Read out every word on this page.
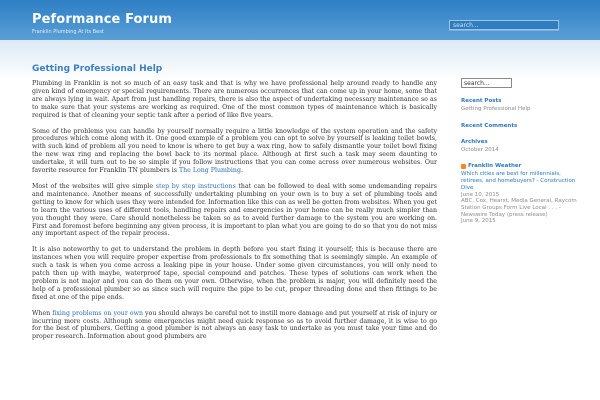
Peformance Forum
Franklin Plumbing At Its Best
search...
Getting Professional Help

Plumbing in Franklin is not so much of an easy task and that is why we have professional help around ready to handle any given kind of emergency or special requirements. There are numerous occurrences that can come up in your home, some that are always lying in wait. Apart from just handling repairs, there is also the aspect of undertaking necessary maintenance so as to make sure that your systems are working as required. One of the most common types of maintenance which is basically required is that of cleaning your septic tank after a period of like five years.

Some of the problems you can handle by yourself normally require a little knowledge of the system operation and the safety procedures which come along with it. One good example of a problem you can opt to solve by yourself is leaking toilet bowls, with such kind of problem all you need to know is where to get buy a wax ring, how to safely dismantle your toilet bowl fixing the new wax ring and replacing the bowl back to its normal place. Although at first such a task may seem daunting to undertake, it will turn out to be so simple if you follow instructions that you can come across over numerous websites. Our favorite resource for Franklin TN plumbers is The Long Plumbing.

Most of the websites will give simple step by step instructions that can be followed to deal with some undemanding repairs and maintenance. Another means of successfully undertaking plumbing on your own is to buy a set of plumbing tools and getting to know for which uses they were intended for. Information like this can as well be gotten from websites. When you get to learn the various uses of different tools, handling repairs and emergencies in your home can be really much simpler than you thought they were. Care should nonetheless be taken so as to avoid further damage to the system you are working on. First and foremost before beginning any given process, it is important to plan what you are going to do so that you do not miss any important aspect of the repair process.

It is also noteworthy to get to understand the problem in depth before you start fixing it yourself; this is because there are instances when you will require proper expertise from professionals to fix something that is seemingly simple. An example of such a task is when you come across a leaking pipe in your house. Under some given circumstances, you will only need to patch then up with maybe, waterproof tape, special compound and patches. These types of solutions can work when the problem is not major and you can do them on your own. Otherwise, when the problem is major, you will definitely need the help of a professional plumber so as since such will require the pipe to be cut, proper threading done and then fittings to be fixed at one of the pipe ends.

When fixing problems on your own you should always be careful not to instill more damage and put yourself at risk of injury or incurring more costs. Although some emergencies might need quick response so as to avoid further damage, it is wise to go for the best of plumbers. Getting a good plumber is not always an easy task to undertake as you must take your time and do proper research. Information about good plumbers are

search...
Recent Posts
Getting Professional Help
Recent Comments
Archives
October 2014
Franklin Weather
Which cities are best for millennials, retirees, and homebuyers? - Construction Dive
June 10, 2015
ABC, Cox, Hearst, Media General, Raycom Station Groups Form Live Local . . . - Newswire Today (press release)
June 9, 2015
